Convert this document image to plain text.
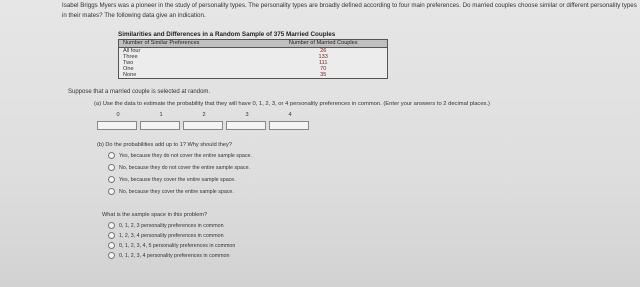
Isabel Briggs Myers was a pioneer in the study of personality types. The personality types are broadly defined according to four main preferences. Do married couples choose similar or different personality types in their mates? The following data give an indication.
Similarities and Differences in a Random Sample of 375 Married Couples
Number of Similar Preferences	Number of Married Couples
All four	26
Three	133
Two	111
One	70
None	35
Suppose that a married couple is selected at random.
(a) Use the data to estimate the probability that they will have 0, 1, 2, 3, or 4 personality preferences in common. (Enter your answers to 2 decimal places.)
0	1	2	3	4
(b) Do the probabilities add up to 1? Why should they?
Yes, because they do not cover the entire sample space.
No, because they do not cover the entire sample space.
Yes, because they cover the entire sample space.
No, because they cover the entire sample space.
What is the sample space in this problem?
0, 1, 2, 3 personality preferences in common
1, 2, 3, 4 personality preferences in common
0, 1, 2, 3, 4, 5 personality preferences in common
0, 1, 2, 3, 4 personality preferences in common
